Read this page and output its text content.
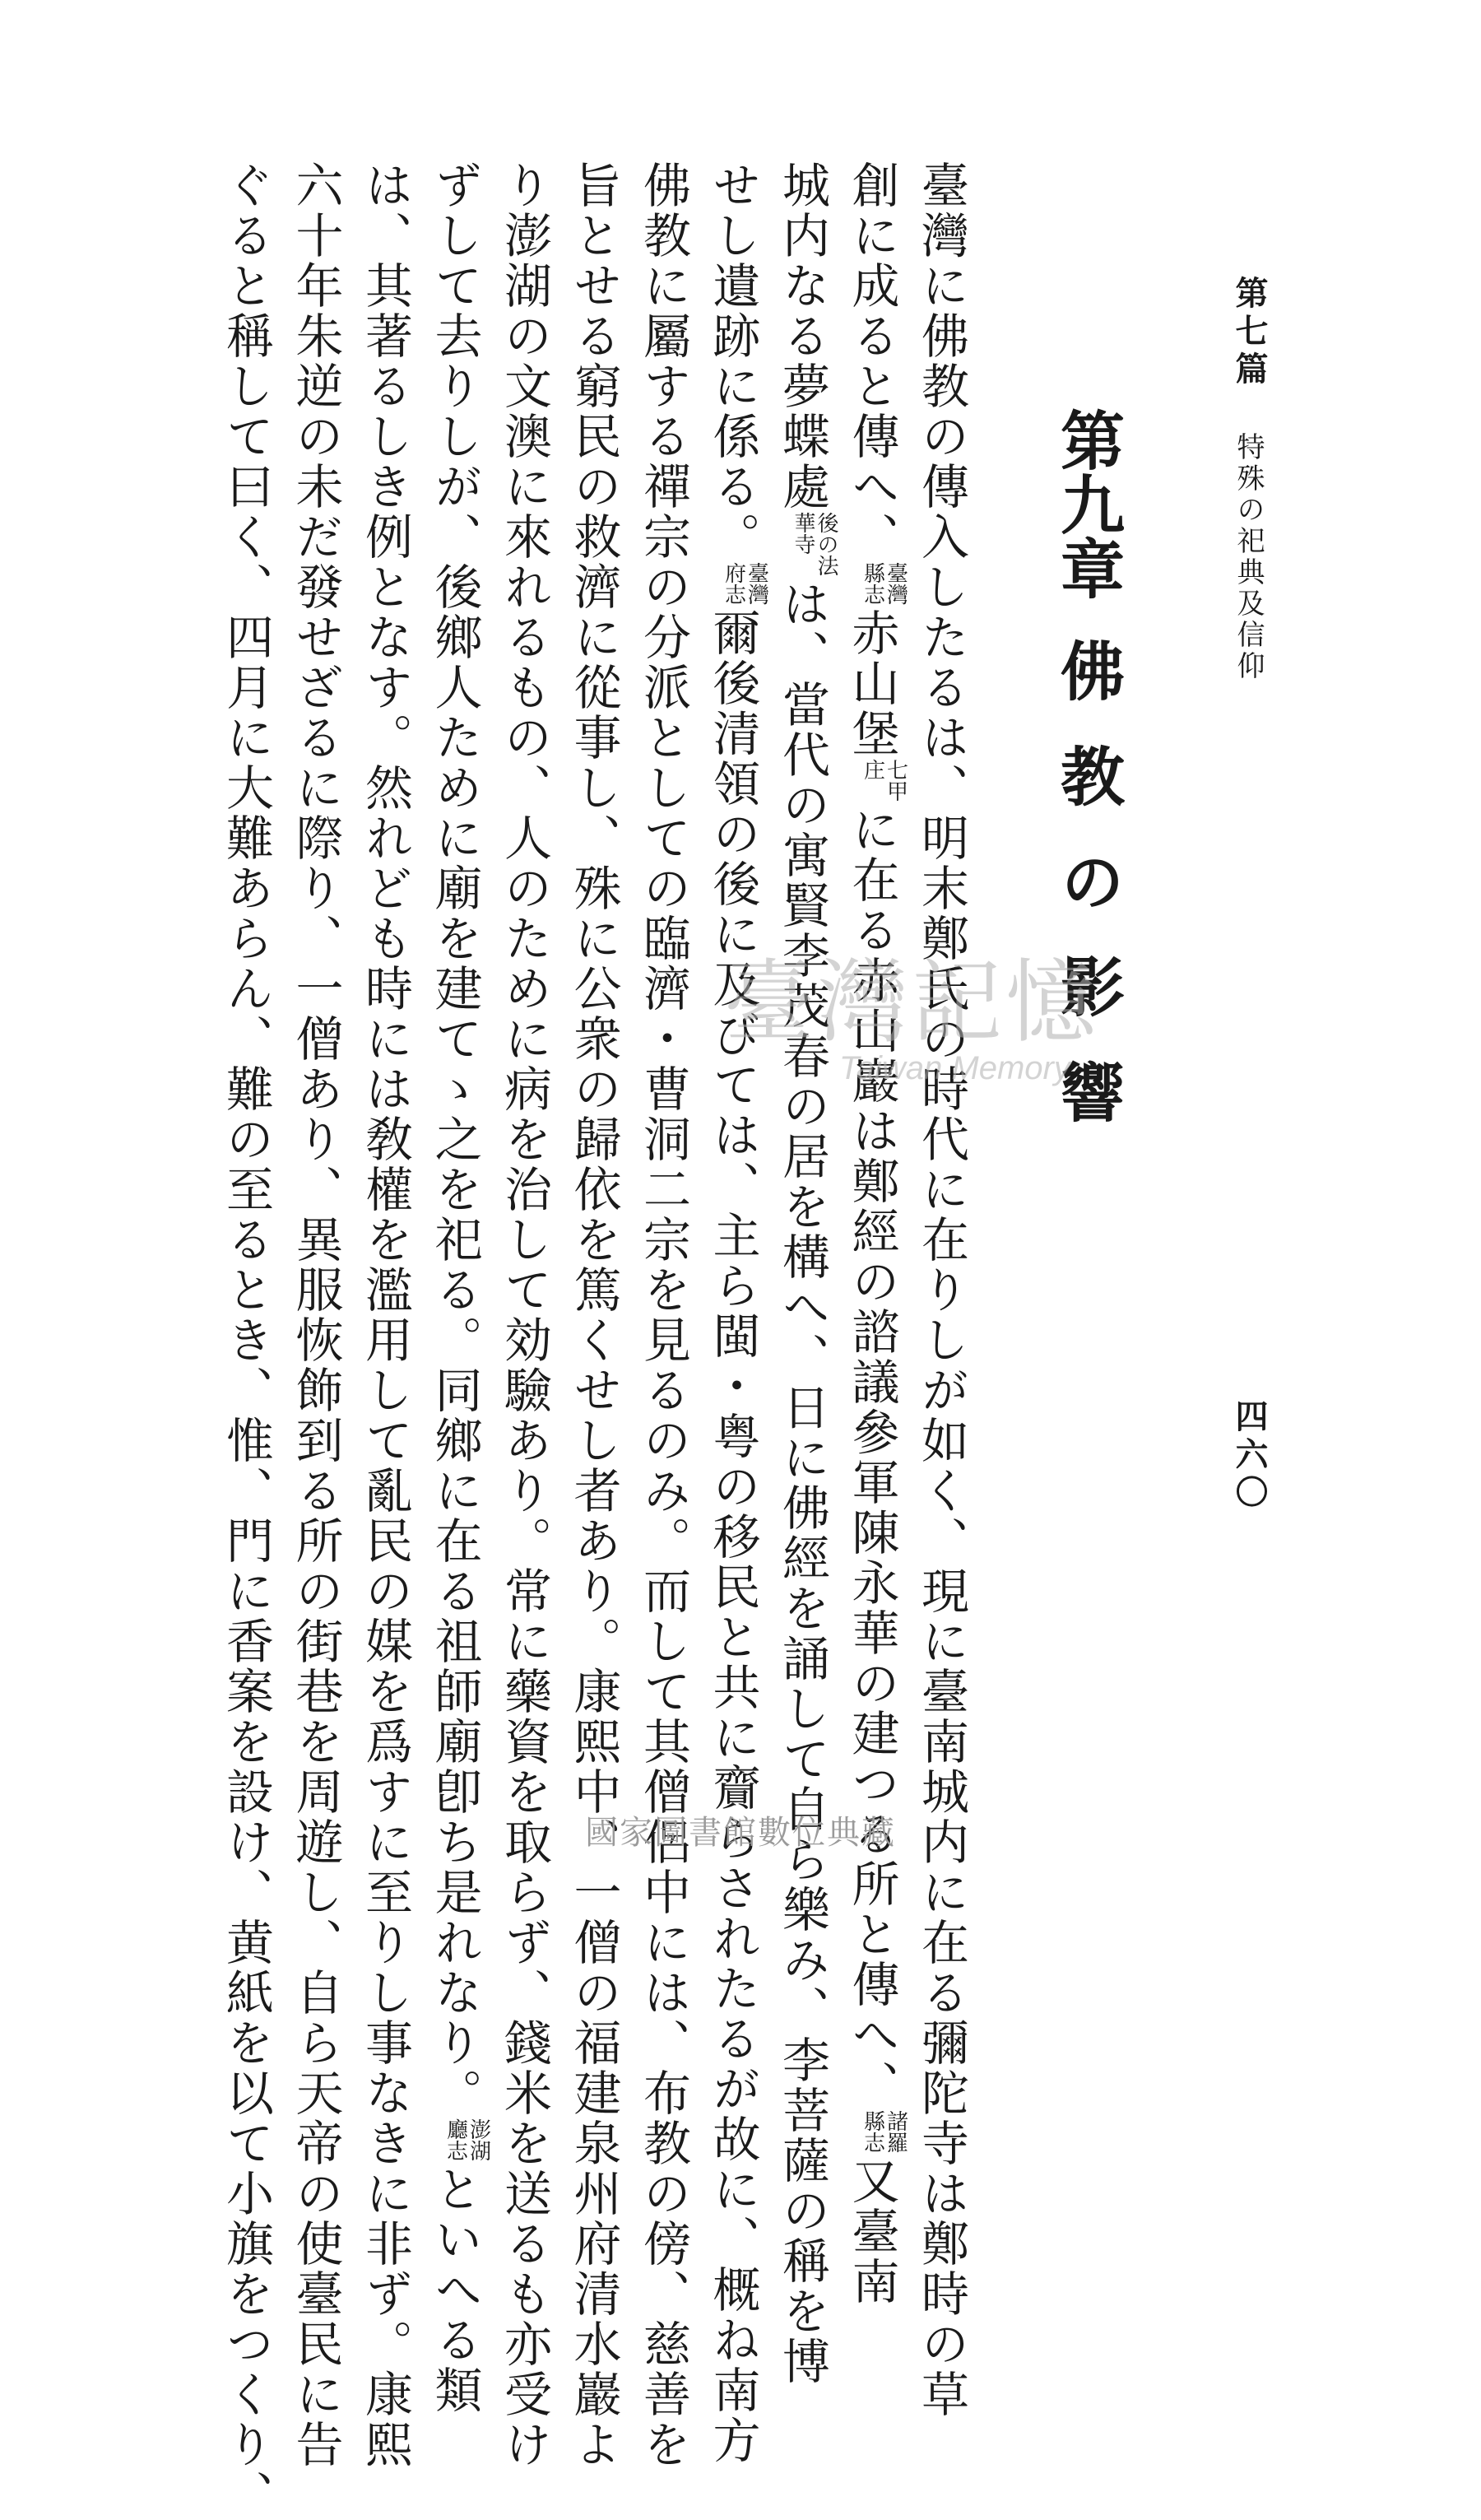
第七篇
特殊の祀典及信仰
四六〇
第九章
佛教の影響
臺灣に佛教の傳入したるは、明末鄭氏の時代に在りしが如く、現に臺南城内に在る彌陀寺は鄭時の草
創に成ると傳へ、
臺灣
縣志
赤山堡
七甲
庄
に在る赤山巖は鄭經の諮議參軍陳永華の建つる所と傳へ、
諸羅
縣志
又臺南
城内なる夢蝶處
後の法
華寺
は、當代の寓賢李茂春の居を構へ、日に佛經を誦して自ら樂み、李菩薩の稱を博
せし遺跡に係る。
臺灣
府志
爾後清領の後に及びては、主ら閩・粤の移民と共に齎らされたるが故に、概ね南方
佛教に屬する禪宗の分派としての臨濟・曹洞二宗を見るのみ。而して其僧侶中には、布教の傍、慈善を
旨とせる窮民の救濟に從事し、殊に公衆の歸依を篤くせし者あり。康熙中、一僧の福建泉州府清水巖よ
り澎湖の文澳に來れるもの、人のために病を治して効驗あり。常に藥資を取らず、錢米を送るも亦受け
ずして去りしが、後鄉人ために廟を建てゝ之を祀る。同鄉に在る祖師廟卽ち是れなり。
澎湖
廳志
といへる類
は、其著るしき例となす。然れども時には敎權を濫用して亂民の媒を爲すに至りし事なきに非ず。康熙
六十年朱逆の未だ發せざるに際り、一僧あり、異服恢飾到る所の街巷を周遊し、自ら天帝の使臺民に告
ぐると稱して曰く、四月に大難あらん、難の至るとき、惟、門に香案を設け、黄紙を以て小旗をつくり、	臺灣記憶
Taiwan Memory
國家圖書館數位典藏
